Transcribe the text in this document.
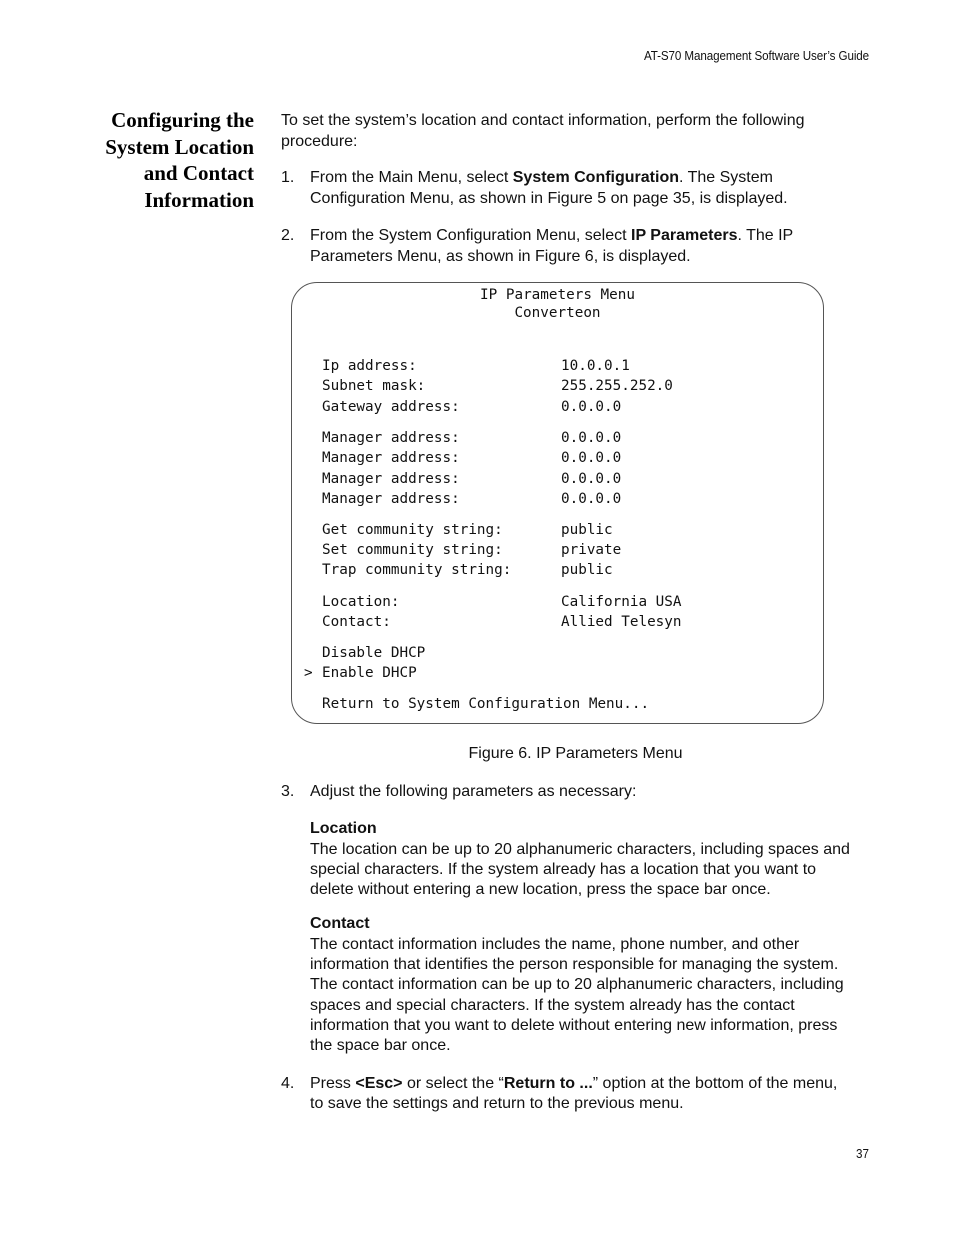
AT-S70 Management Software User’s Guide
Configuring the
System Location
and Contact
Information

To set the system’s location and contact information, perform the following procedure:

1. From the Main Menu, select System Configuration. The System Configuration Menu, as shown in Figure 5 on page 35, is displayed.
2. From the System Configuration Menu, select IP Parameters. The IP Parameters Menu, as shown in Figure 6, is displayed.
IP Parameters Menu
Converteon
Ip address:	10.0.0.1
Subnet mask:	255.255.252.0
Gateway address:	0.0.0.0
Manager address:	0.0.0.0
Manager address:	0.0.0.0
Manager address:	0.0.0.0
Manager address:	0.0.0.0
Get community string:	public
Set community string:	private
Trap community string:	public
Location:	California USA
Contact:	Allied Telesyn
Disable DHCP
> Enable DHCP
Return to System Configuration Menu...
Figure 6. IP Parameters Menu
3. Adjust the following parameters as necessary:
Location
The location can be up to 20 alphanumeric characters, including spaces and special characters. If the system already has a location that you want to delete without entering a new location, press the space bar once.
Contact
The contact information includes the name, phone number, and other information that identifies the person responsible for managing the system. The contact information can be up to 20 alphanumeric characters, including spaces and special characters. If the system already has the contact information that you want to delete without entering new information, press the space bar once.
4. Press <Esc> or select the “Return to ...” option at the bottom of the menu, to save the settings and return to the previous menu.
37
